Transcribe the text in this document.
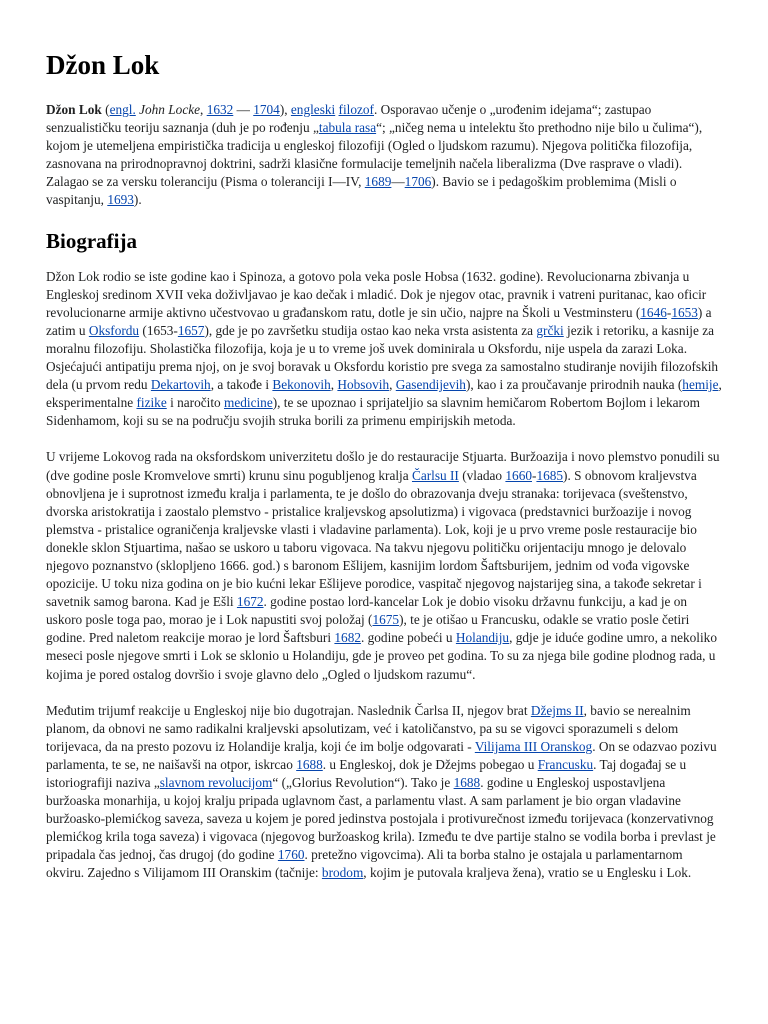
Džon Lok

Džon Lok (engl. John Locke, 1632 — 1704), engleski filozof. Osporavao učenje o „urođenim idejama“; zastupao senzualističku teoriju saznanja (duh je po rođenju „tabula rasa“; „ničeg nema u intelektu što prethodno nije bilo u čulima“), kojom je utemeljena empiristička tradicija u engleskoj filozofiji (Ogled o ljudskom razumu). Njegova politička filozofija, zasnovana na prirodnopravnoj doktrini, sadrži klasične formulacije temeljnih načela liberalizma (Dve rasprave o vladi). Zalagao se za versku toleranciju (Pisma o toleranciji I—IV, 1689—1706). Bavio se i pedagoškim problemima (Misli o vaspitanju, 1693).

Biografija

Džon Lok rodio se iste godine kao i Spinoza, a gotovo pola veka posle Hobsa (1632. godine). Revolucionarna zbivanja u Engleskoj sredinom XVII veka doživljavao je kao dečak i mladić. Dok je njegov otac, pravnik i vatreni puritanac, kao oficir revolucionarne armije aktivno učestvovao u građanskom ratu, dotle je sin učio, najpre na Školi u Vestminsteru (1646-1653) a zatim u Oksfordu (1653-1657), gde je po završetku studija ostao kao neka vrsta asistenta za grčki jezik i retoriku, a kasnije za moralnu filozofiju. Sholastička filozofija, koja je u to vreme još uvek dominirala u Oksfordu, nije uspela da zarazi Loka. Osjećajući antipatiju prema njoj, on je svoj boravak u Oksfordu koristio pre svega za samostalno studiranje novijih filozofskih dela (u prvom redu Dekartovih, a takođe i Bekonovih, Hobsovih, Gasendijevih), kao i za proučavanje prirodnih nauka (hemije, eksperimentalne fizike i naročito medicine), te se upoznao i sprijateljio sa slavnim hemičarom Robertom Bojlom i lekarom Sidenhamom, koji su se na području svojih struka borili za primenu empirijskih metoda.

U vrijeme Lokovog rada na oksfordskom univerzitetu došlo je do restauracije Stjuarta. Buržoazija i novo plemstvo ponudili su (dve godine posle Kromvelove smrti) krunu sinu pogubljenog kralja Čarlsu II (vladao 1660-1685). S obnovom kraljevstva obnovljena je i suprotnost između kralja i parlamenta, te je došlo do obrazovanja dveju stranaka: torijevaca (sveštenstvo, dvorska aristokratija i zaostalo plemstvo - pristalice kraljevskog apsolutizma) i vigovaca (predstavnici buržoazije i novog plemstva - pristalice ograničenja kraljevske vlasti i vladavine parlamenta). Lok, koji je u prvo vreme posle restauracije bio donekle sklon Stjuartima, našao se uskoro u taboru vigovaca. Na takvu njegovu političku orijentaciju mnogo je delovalo njegovo poznanstvo (sklopljeno 1666. god.) s baronom Ešlijem, kasnijim lordom Šaftsburijem, jednim od vođa vigovske opozicije. U toku niza godina on je bio kućni lekar Ešlijeve porodice, vaspitač njegovog najstarijeg sina, a takođe sekretar i savetnik samog barona. Kad je Ešli 1672. godine postao lord-kancelar Lok je dobio visoku državnu funkciju, a kad je on uskoro posle toga pao, morao je i Lok napustiti svoj položaj (1675), te je otišao u Francusku, odakle se vratio posle četiri godine. Pred naletom reakcije morao je lord Šaftsburi 1682. godine pobeći u Holandiju, gdje je iduće godine umro, a nekoliko meseci posle njegove smrti i Lok se sklonio u Holandiju, gde je proveo pet godina. To su za njega bile godine plodnog rada, u kojima je pored ostalog dovršio i svoje glavno delo „Ogled o ljudskom razumu“.

Međutim trijumf reakcije u Engleskoj nije bio dugotrajan. Naslednik Čarlsa II, njegov brat Džejms II, bavio se nerealnim planom, da obnovi ne samo radikalni kraljevski apsolutizam, već i katoličanstvo, pa su se vigovci sporazumeli s delom torijevaca, da na presto pozovu iz Holandije kralja, koji će im bolje odgovarati - Vilijama III Oranskog. On se odazvao pozivu parlamenta, te se, ne naišavši na otpor, iskrcao 1688. u Engleskoj, dok je Džejms pobegao u Francusku. Taj događaj se u istoriografiji naziva „slavnom revolucijom“ („Glorius Revolution“). Tako je 1688. godine u Engleskoj uspostavljena buržoaska monarhija, u kojoj kralju pripada uglavnom čast, a parlamentu vlast. A sam parlament je bio organ vladavine buržoasko-plemićkog saveza, saveza u kojem je pored jedinstva postojala i protivurečnost između torijevaca (konzervativnog plemićkog krila toga saveza) i vigovaca (njegovog buržoaskog krila). Između te dve partije stalno se vodila borba i prevlast je pripadala čas jednoj, čas drugoj (do godine 1760. pretežno vigovcima). Ali ta borba stalno je ostajala u parlamentarnom okviru. Zajedno s Vilijamom III Oranskim (tačnije: brodom, kojim je putovala kraljeva žena), vratio se u Englesku i Lok.
